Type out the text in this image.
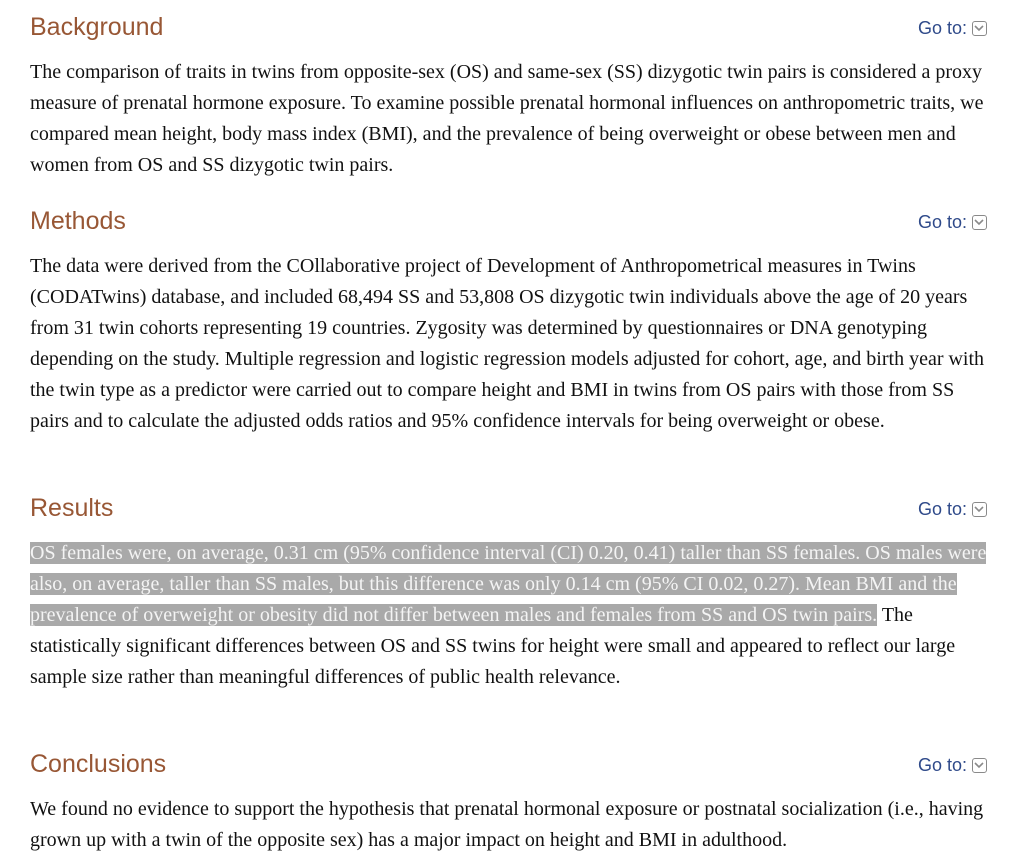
Background	Go to:

The comparison of traits in twins from opposite-sex (OS) and same-sex (SS) dizygotic twin pairs is considered a proxy measure of prenatal hormone exposure. To examine possible prenatal hormonal influences on anthropometric traits, we compared mean height, body mass index (BMI), and the prevalence of being overweight or obese between men and women from OS and SS dizygotic twin pairs.

Methods	Go to:

The data were derived from the COllaborative project of Development of Anthropometrical measures in Twins (CODATwins) database, and included 68,494 SS and 53,808 OS dizygotic twin individuals above the age of 20 years from 31 twin cohorts representing 19 countries. Zygosity was determined by questionnaires or DNA genotyping depending on the study. Multiple regression and logistic regression models adjusted for cohort, age, and birth year with the twin type as a predictor were carried out to compare height and BMI in twins from OS pairs with those from SS pairs and to calculate the adjusted odds ratios and 95% confidence intervals for being overweight or obese.

Results	Go to:

OS females were, on average, 0.31 cm (95% confidence interval (CI) 0.20, 0.41) taller than SS females. OS males were also, on average, taller than SS males, but this difference was only 0.14 cm (95% CI 0.02, 0.27). Mean BMI and the prevalence of overweight or obesity did not differ between males and females from SS and OS twin pairs. The statistically significant differences between OS and SS twins for height were small and appeared to reflect our large sample size rather than meaningful differences of public health relevance.

Conclusions	Go to:

We found no evidence to support the hypothesis that prenatal hormonal exposure or postnatal socialization (i.e., having grown up with a twin of the opposite sex) has a major impact on height and BMI in adulthood.
